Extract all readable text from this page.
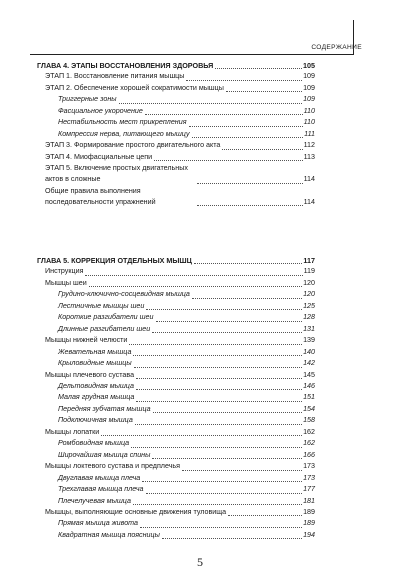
СОДЕРЖАНИЕ
ГЛАВА 4. ЭТАПЫ ВОССТАНОВЛЕНИЯ ЗДОРОВЬЯ	105
ЭТАП 1. Восстановление питания мышцы	109
ЭТАП 2. Обеспечение хорошей сократимости мышцы	109
Триггерные зоны	109
Фасциальное укорочение	110
Нестабильность мест прикрепления	110
Компрессия нерва, питающего мышцу	111
ЭТАП 3. Формирование простого двигательного акта	112
ЭТАП 4. Миофасциальные цепи	113
ЭТАП 5. Включение простых двигательных актов в сложные	114
Общие правила выполнения последовательности упражнений	114
ГЛАВА 5. КОРРЕКЦИЯ ОТДЕЛЬНЫХ МЫШЦ	117
Инструкция	119
Мышцы шеи	120
Грудино-ключично-сосцевидная мышца	120
Лестничные мышцы шеи	125
Короткие разгибатели шеи	128
Длинные разгибатели шеи	131
Мышцы нижней челюсти	139
Жевательная мышца	140
Крыловидные мышцы	142
Мышцы плечевого сустава	145
Дельтовидная мышца	146
Малая грудная мышца	151
Передняя зубчатая мышца	154
Подключичная мышца	158
Мышцы лопатки	162
Ромбовидная мышца	162
Широчайшая мышца спины	166
Мышцы локтевого сустава и предплечья	173
Двуглавая мышца плеча	173
Трехглавая мышца плеча	177
Плечелучевая мышца	181
Мышцы, выполняющие основные движения туловища	189
Прямая мышца живота	189
Квадратная мышца поясницы	194
5
